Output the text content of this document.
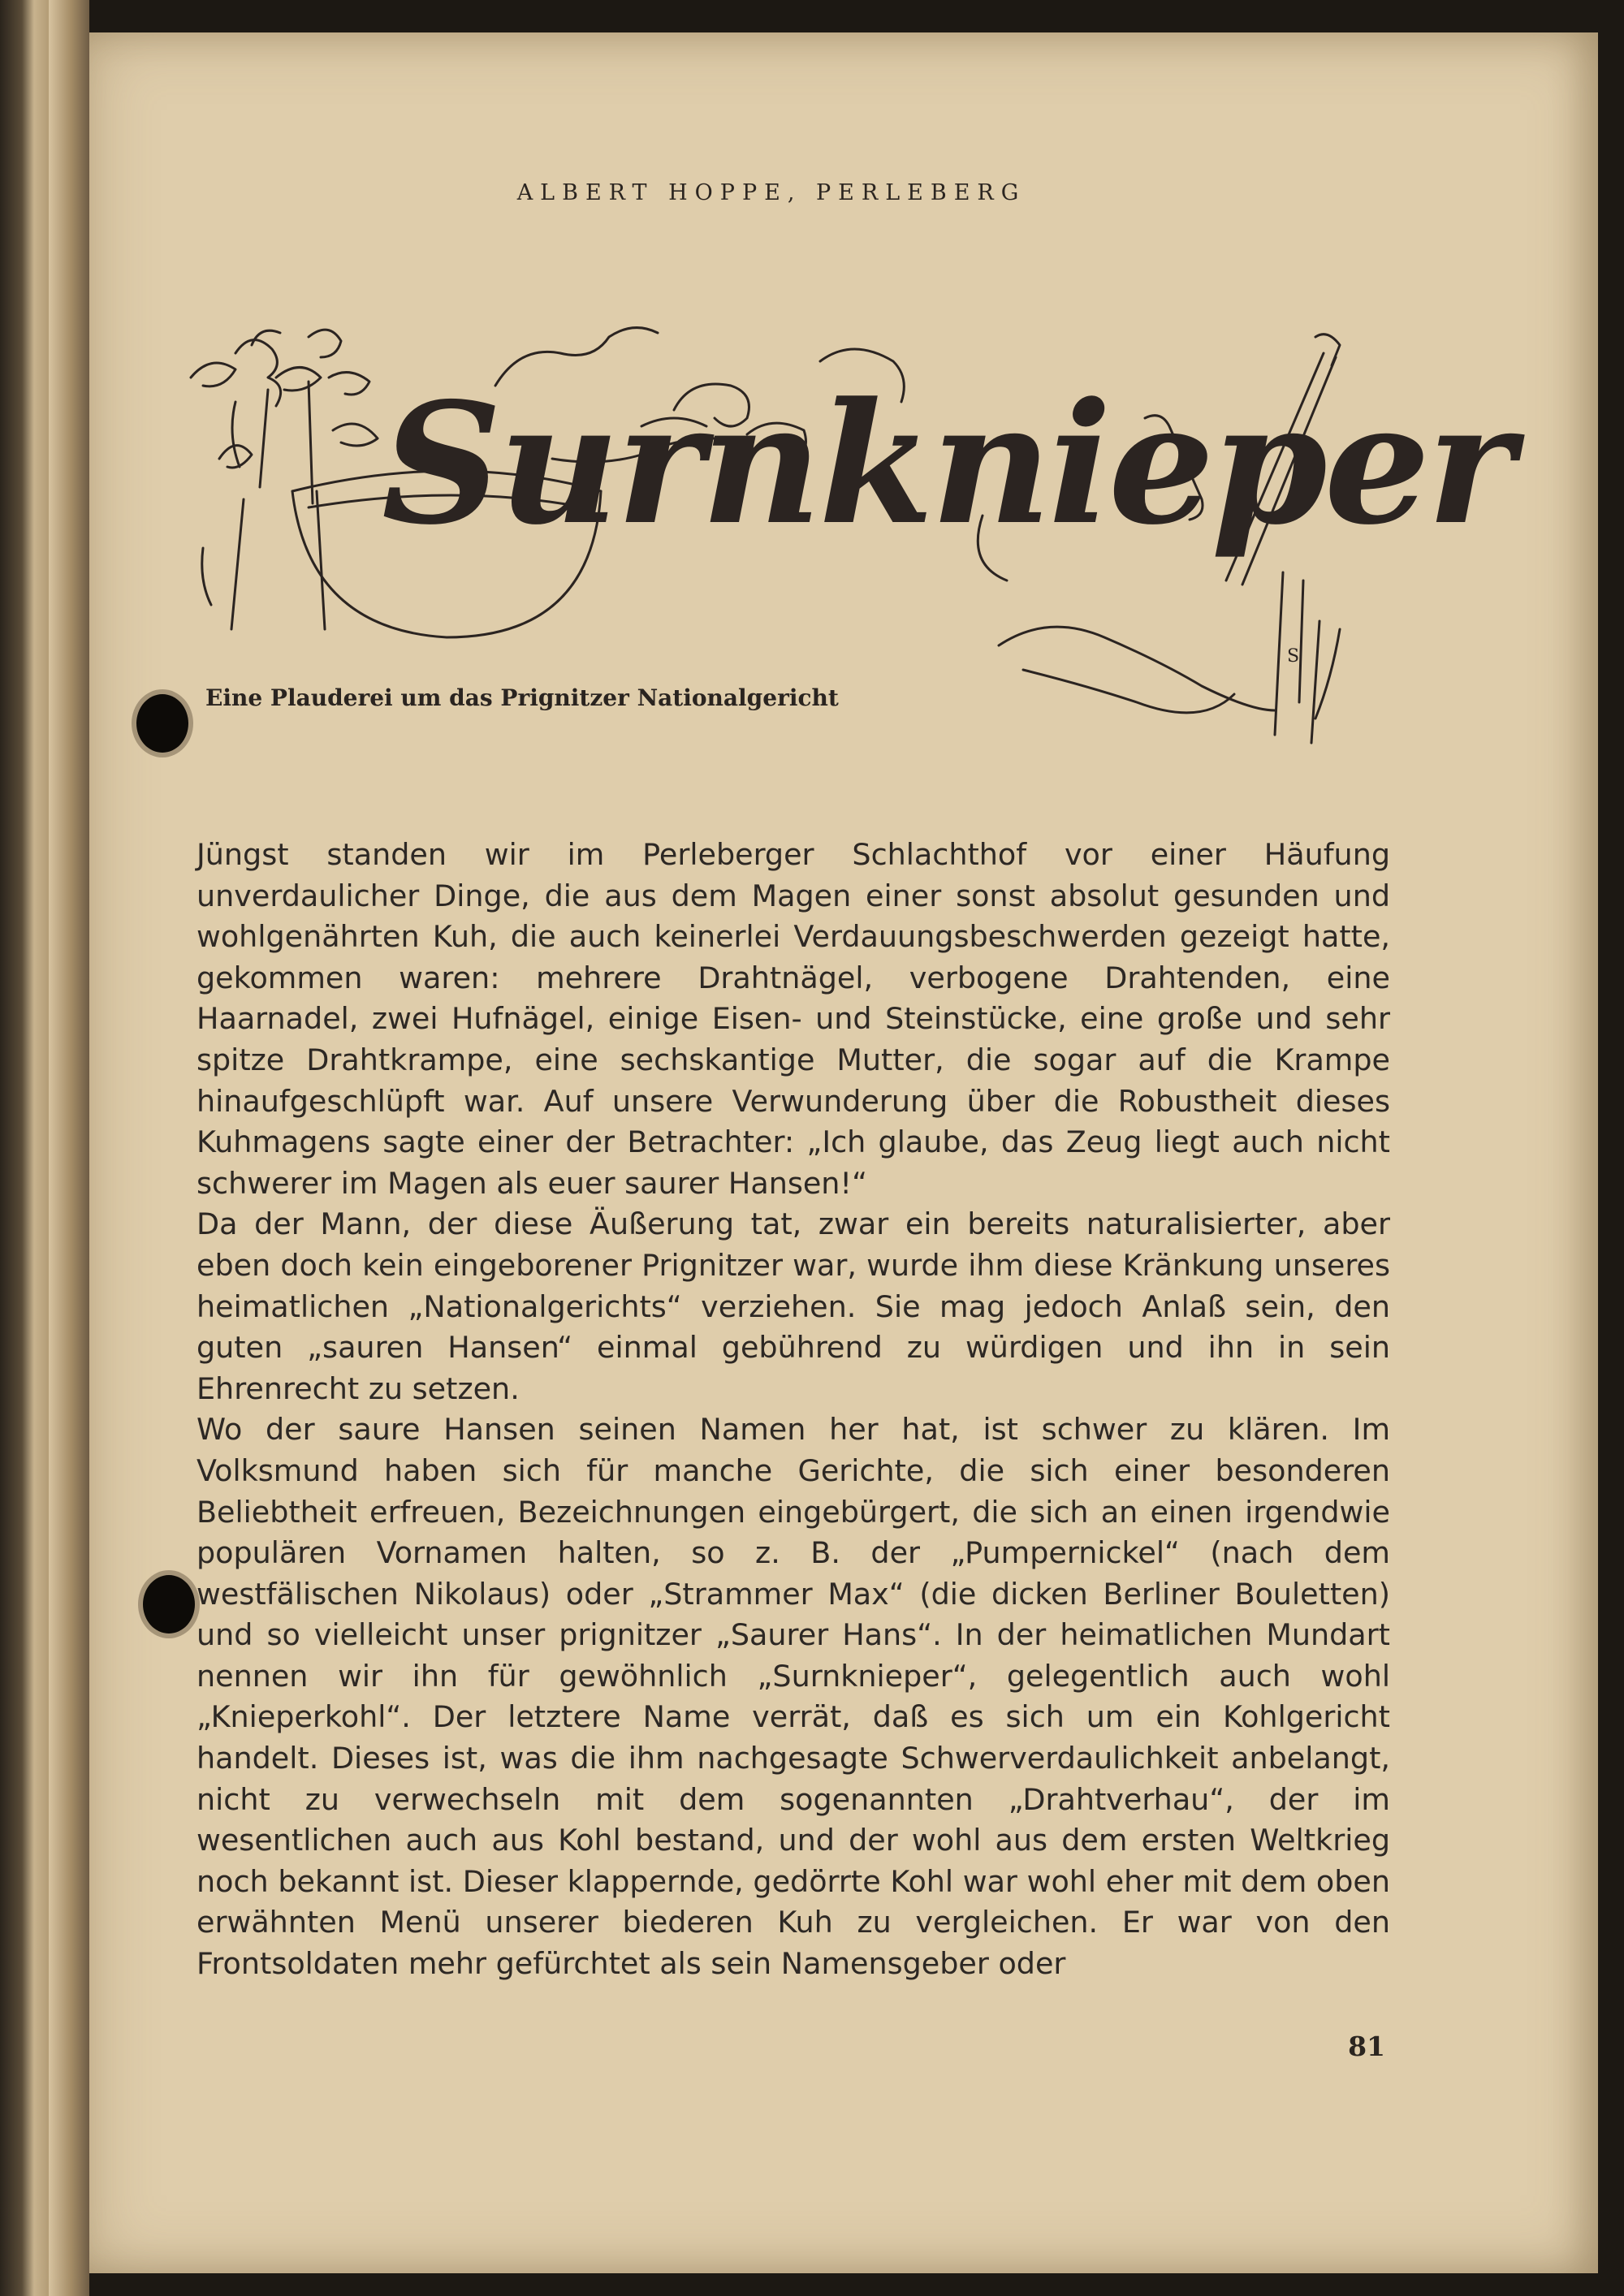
ALBERT HOPPE, PERLEBERG
S
Surnknieper
Eine Plauderei um das Prignitzer Nationalgericht

Jüngst standen wir im Perleberger Schlachthof vor einer Häufung unverdaulicher Dinge, die aus dem Magen einer sonst absolut gesunden und wohlgenährten Kuh, die auch keinerlei Verdauungsbeschwerden gezeigt hatte, gekommen waren: mehrere Drahtnägel, verbogene Drahtenden, eine Haarnadel, zwei Hufnägel, einige Eisen- und Steinstücke, eine große und sehr spitze Drahtkrampe, eine sechskantige Mutter, die sogar auf die Krampe hinaufgeschlüpft war. Auf unsere Verwunderung über die Robustheit dieses Kuhmagens sagte einer der Betrachter: „Ich glaube, das Zeug liegt auch nicht schwerer im Magen als euer saurer Hansen!“

Da der Mann, der diese Äußerung tat, zwar ein bereits naturalisierter, aber eben doch kein eingeborener Prignitzer war, wurde ihm diese Kränkung unseres heimatlichen „Nationalgerichts“ verziehen. Sie mag jedoch Anlaß sein, den guten „sauren Hansen“ einmal gebührend zu würdigen und ihn in sein Ehrenrecht zu setzen.

Wo der saure Hansen seinen Namen her hat, ist schwer zu klären. Im Volksmund haben sich für manche Gerichte, die sich einer besonderen Beliebtheit erfreuen, Bezeichnungen eingebürgert, die sich an einen irgendwie populären Vornamen halten, so z. B. der „Pumpernickel“ (nach dem westfälischen Nikolaus) oder „Strammer Max“ (die dicken Berliner Bouletten) und so vielleicht unser prignitzer „Saurer Hans“. In der heimatlichen Mundart nennen wir ihn für gewöhnlich „Surnknieper“, gelegentlich auch wohl „Knieperkohl“. Der letztere Name verrät, daß es sich um ein Kohlgericht handelt. Dieses ist, was die ihm nachgesagte Schwerverdaulichkeit anbelangt, nicht zu verwechseln mit dem sogenannten „Drahtverhau“, der im wesentlichen auch aus Kohl bestand, und der wohl aus dem ersten Weltkrieg noch bekannt ist. Dieser klappernde, gedörrte Kohl war wohl eher mit dem oben erwähnten Menü unserer biederen Kuh zu vergleichen. Er war von den Frontsoldaten mehr gefürchtet als sein Namensgeber oder

81
